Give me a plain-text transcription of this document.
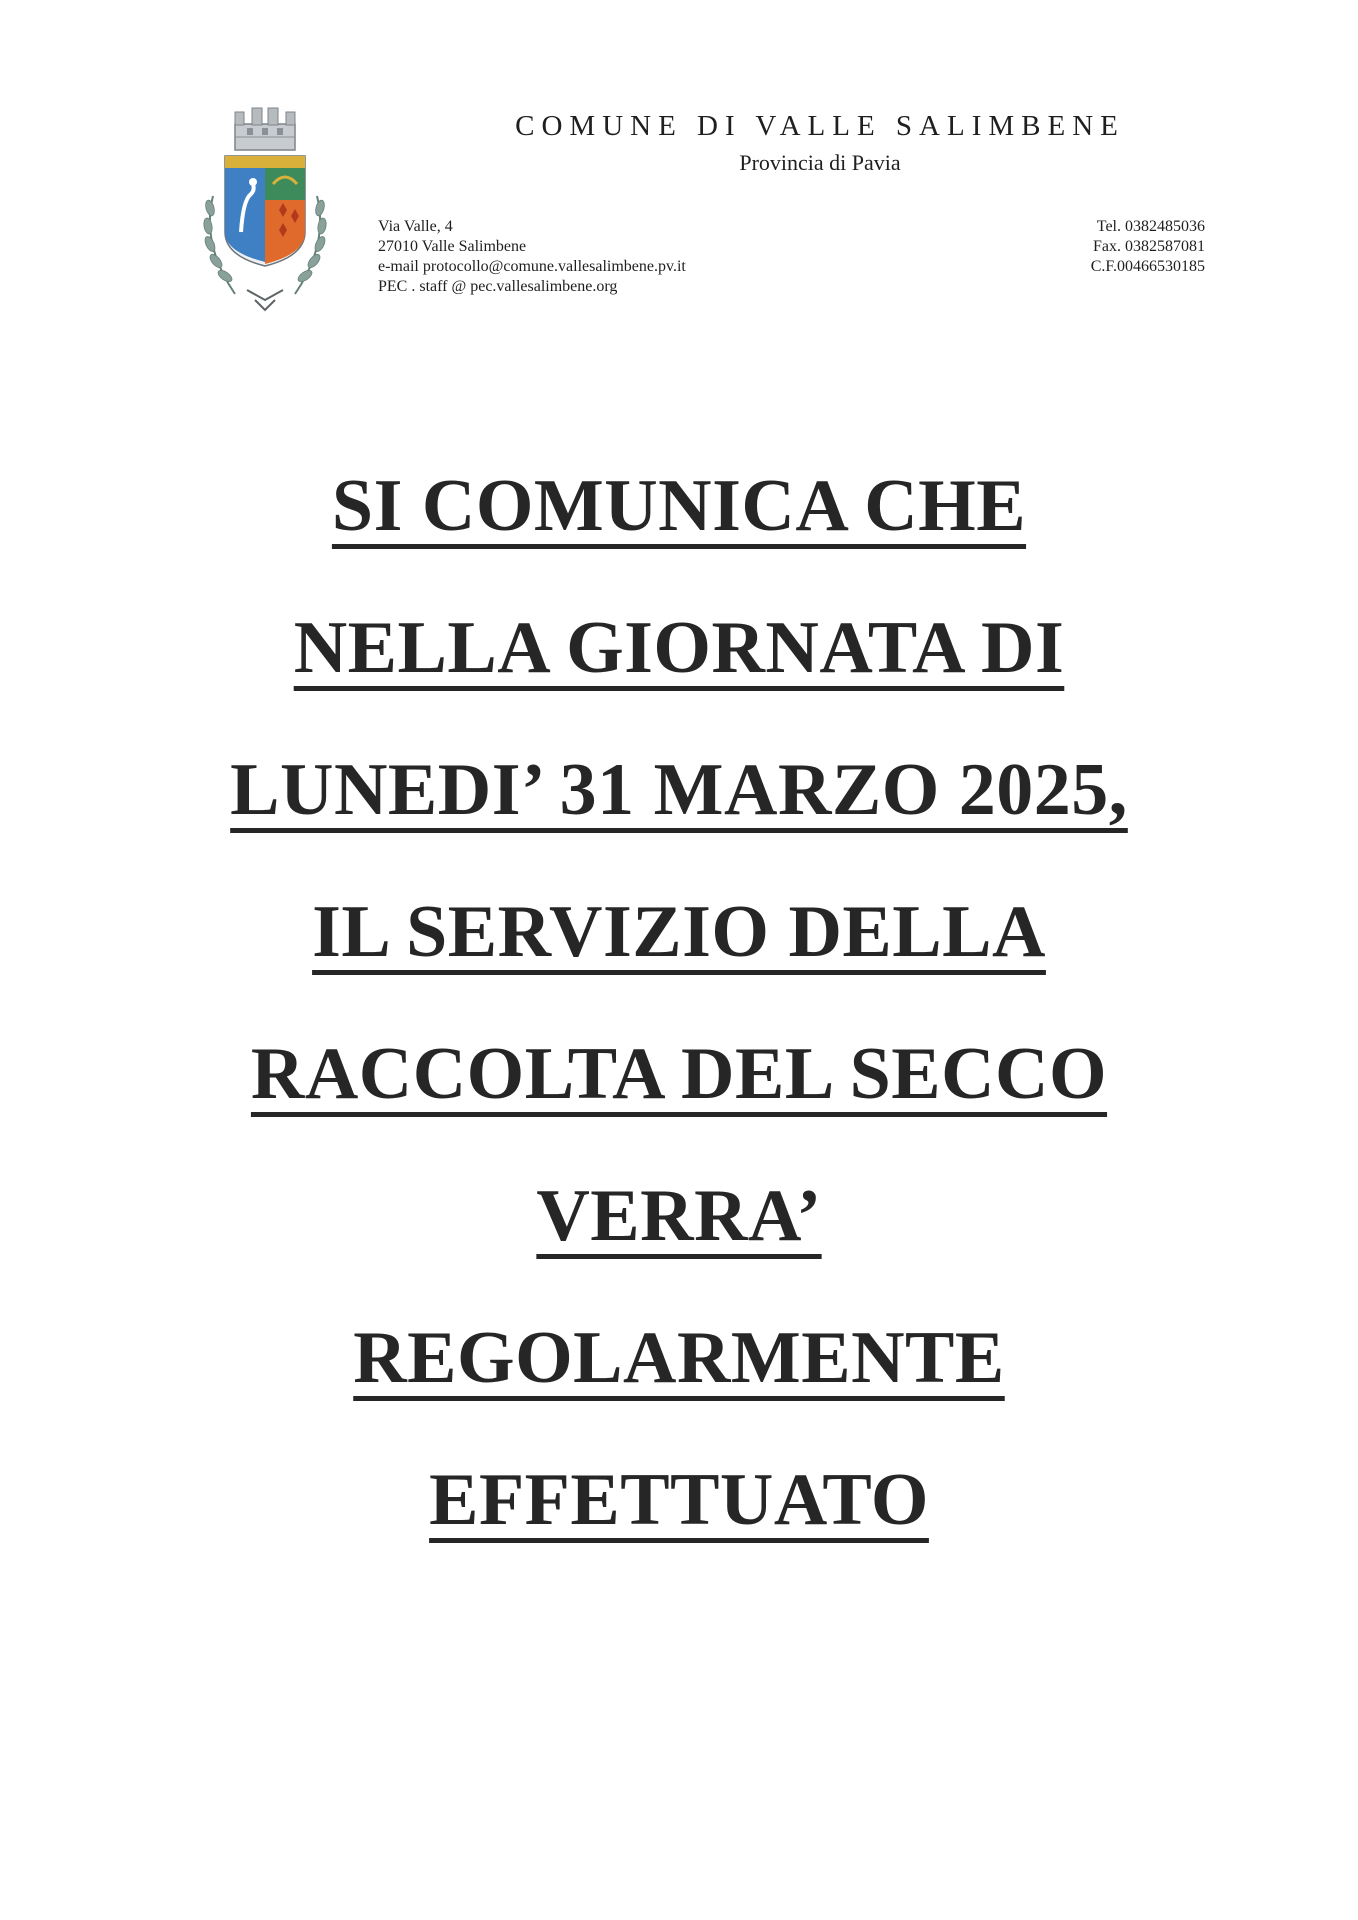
COMUNE DI VALLE SALIMBENE
Provincia di Pavia
Via Valle, 4
27010 Valle Salimbene
e-mail protocollo@comune.vallesalimbene.pv.it
PEC . staff @ pec.vallesalimbene.org
Tel. 0382485036
Fax. 0382587081
C.F.00466530185
SI COMUNICA CHE
NELLA GIORNATA DI
LUNEDI’ 31 MARZO 2025,
IL SERVIZIO DELLA
RACCOLTA DEL SECCO
VERRA’
REGOLARMENTE
EFFETTUATO
